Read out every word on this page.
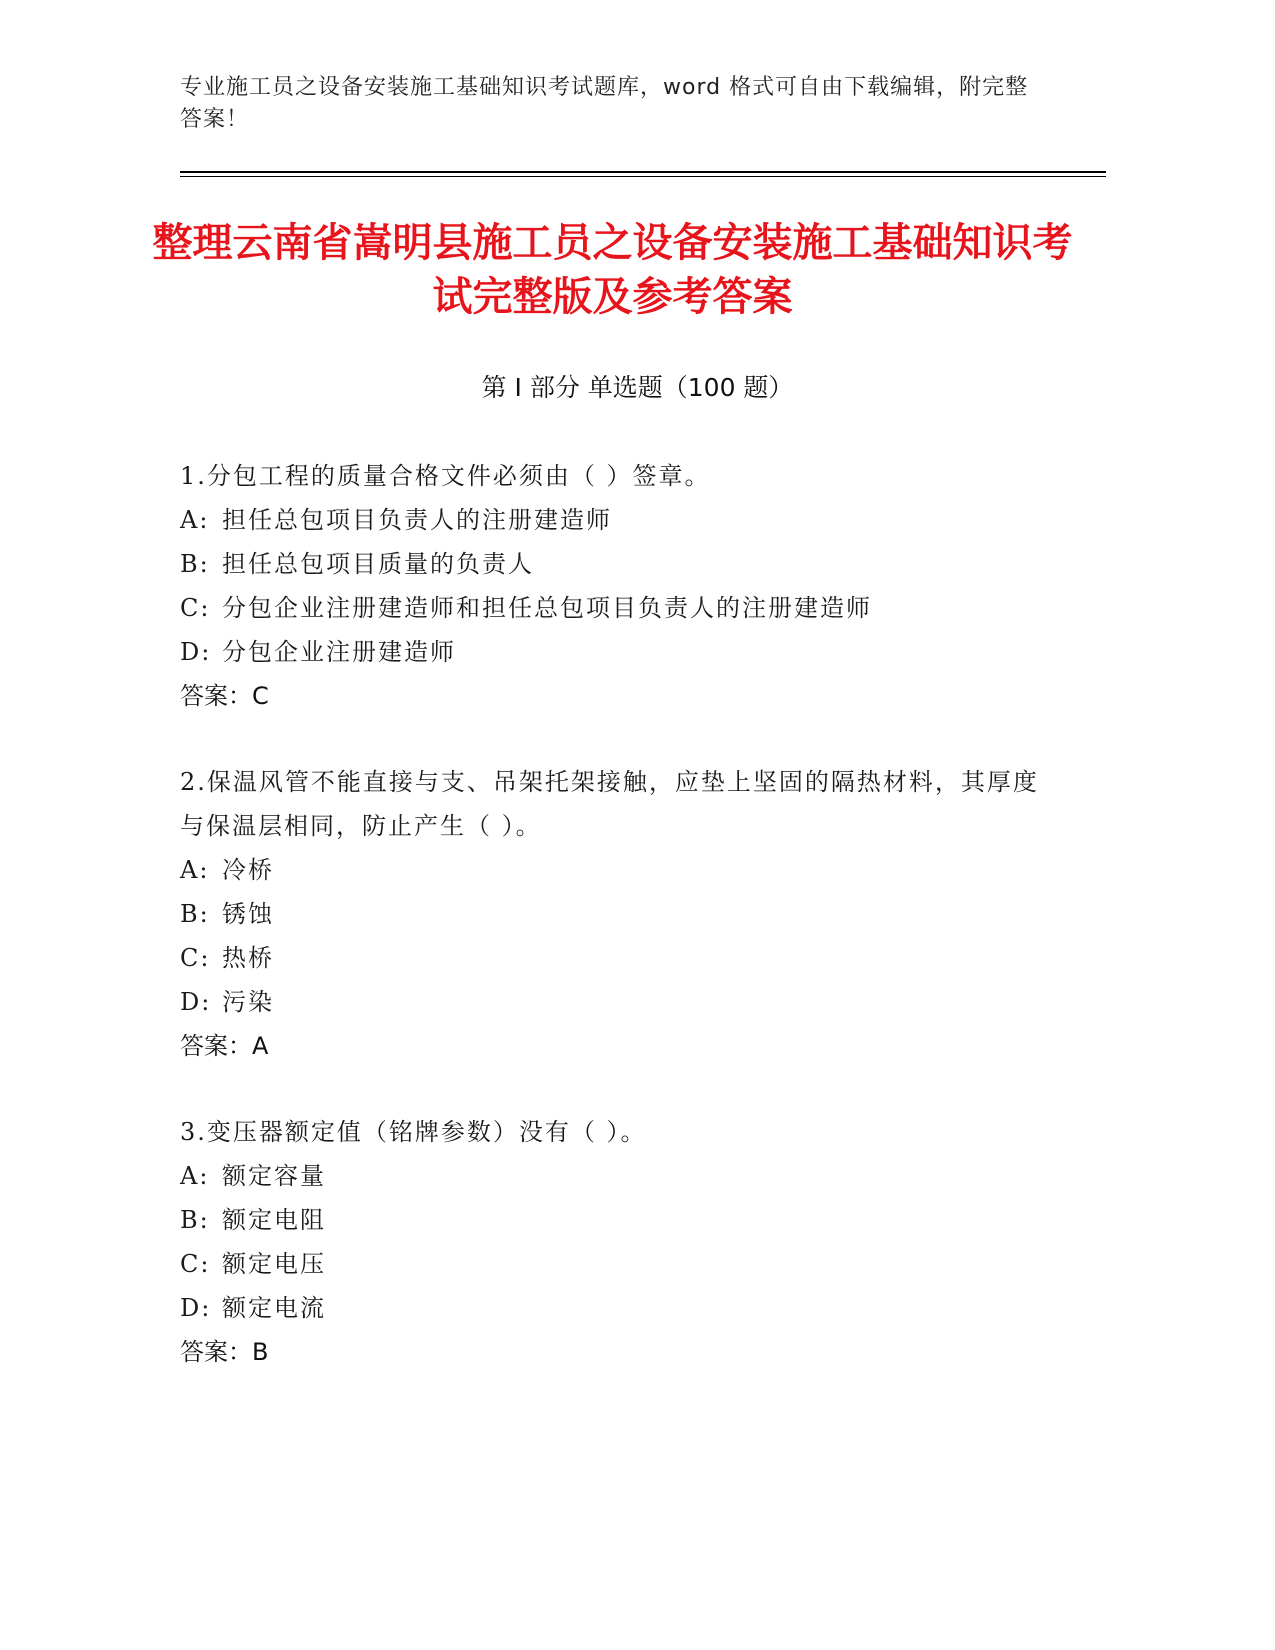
专业施工员之设备安装施工基础知识考试题库，word 格式可自由下载编辑，附完整答案！
整理云南省嵩明县施工员之设备安装施工基础知识考试完整版及参考答案
第 I 部分 单选题（100 题）
1.分包工程的质量合格文件必须由（ ）签章。
A: 担任总包项目负责人的注册建造师
B: 担任总包项目质量的负责人
C: 分包企业注册建造师和担任总包项目负责人的注册建造师
D: 分包企业注册建造师
答案：C
2.保温风管不能直接与支、吊架托架接触，应垫上坚固的隔热材料，其厚度与保温层相同，防止产生（ ）。
A: 冷桥
B: 锈蚀
C: 热桥
D: 污染
答案：A
3.变压器额定值（铭牌参数）没有（ ）。
A: 额定容量
B: 额定电阻
C: 额定电压
D: 额定电流
答案：B
